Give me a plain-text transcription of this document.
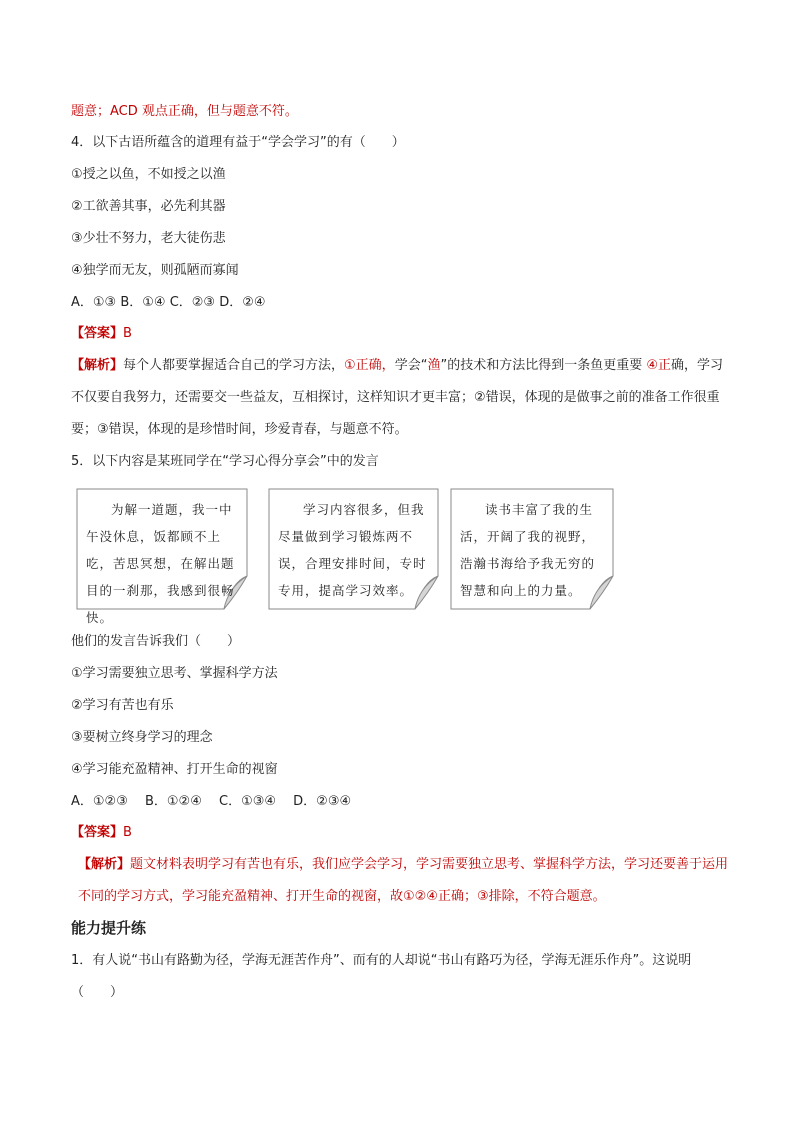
题意；ACD 观点正确，但与题意不符。
4．以下古语所蕴含的道理有益于“学会学习”的有（　　）
①授之以鱼，不如授之以渔
②工欲善其事，必先利其器
③少壮不努力，老大徒伤悲
④独学而无友，则孤陋而寡闻
A．①③ B．①④ C．②③ D．②④
【答案】B
【解析】每个人都要掌握适合自己的学习方法，①正确，学会“渔”的技术和方法比得到一条鱼更重要 ④正确，学习不仅要自我努力，还需要交一些益友，互相探讨，这样知识才更丰富；②错误，体现的是做事之前的准备工作很重要；③错误，体现的是珍惜时间，珍爱青春，与题意不符。
5．以下内容是某班同学在“学习心得分享会”中的发言
为解一道题，我一中午没休息，饭都顾不上吃，苦思冥想，在解出题目的一刹那，我感到很畅快。
学习内容很多，但我尽量做到学习锻炼两不误，合理安排时间，专时专用，提高学习效率。
读书丰富了我的生活，开阔了我的视野，浩瀚书海给予我无穷的智慧和向上的力量。
他们的发言告诉我们（　　）
①学习需要独立思考、掌握科学方法
②学习有苦也有乐
③要树立终身学习的理念
④学习能充盈精神、打开生命的视窗
A．①②③　 B．①②④　 C．①③④　 D．②③④
【答案】B
【解析】题文材料表明学习有苦也有乐，我们应学会学习，学习需要独立思考、掌握科学方法，学习还要善于运用不同的学习方式，学习能充盈精神、打开生命的视窗，故①②④正确；③排除，不符合题意。
能力提升练
1．有人说“书山有路勤为径，学海无涯苦作舟”、而有的人却说“书山有路巧为径，学海无涯乐作舟”。这说明（　　）
